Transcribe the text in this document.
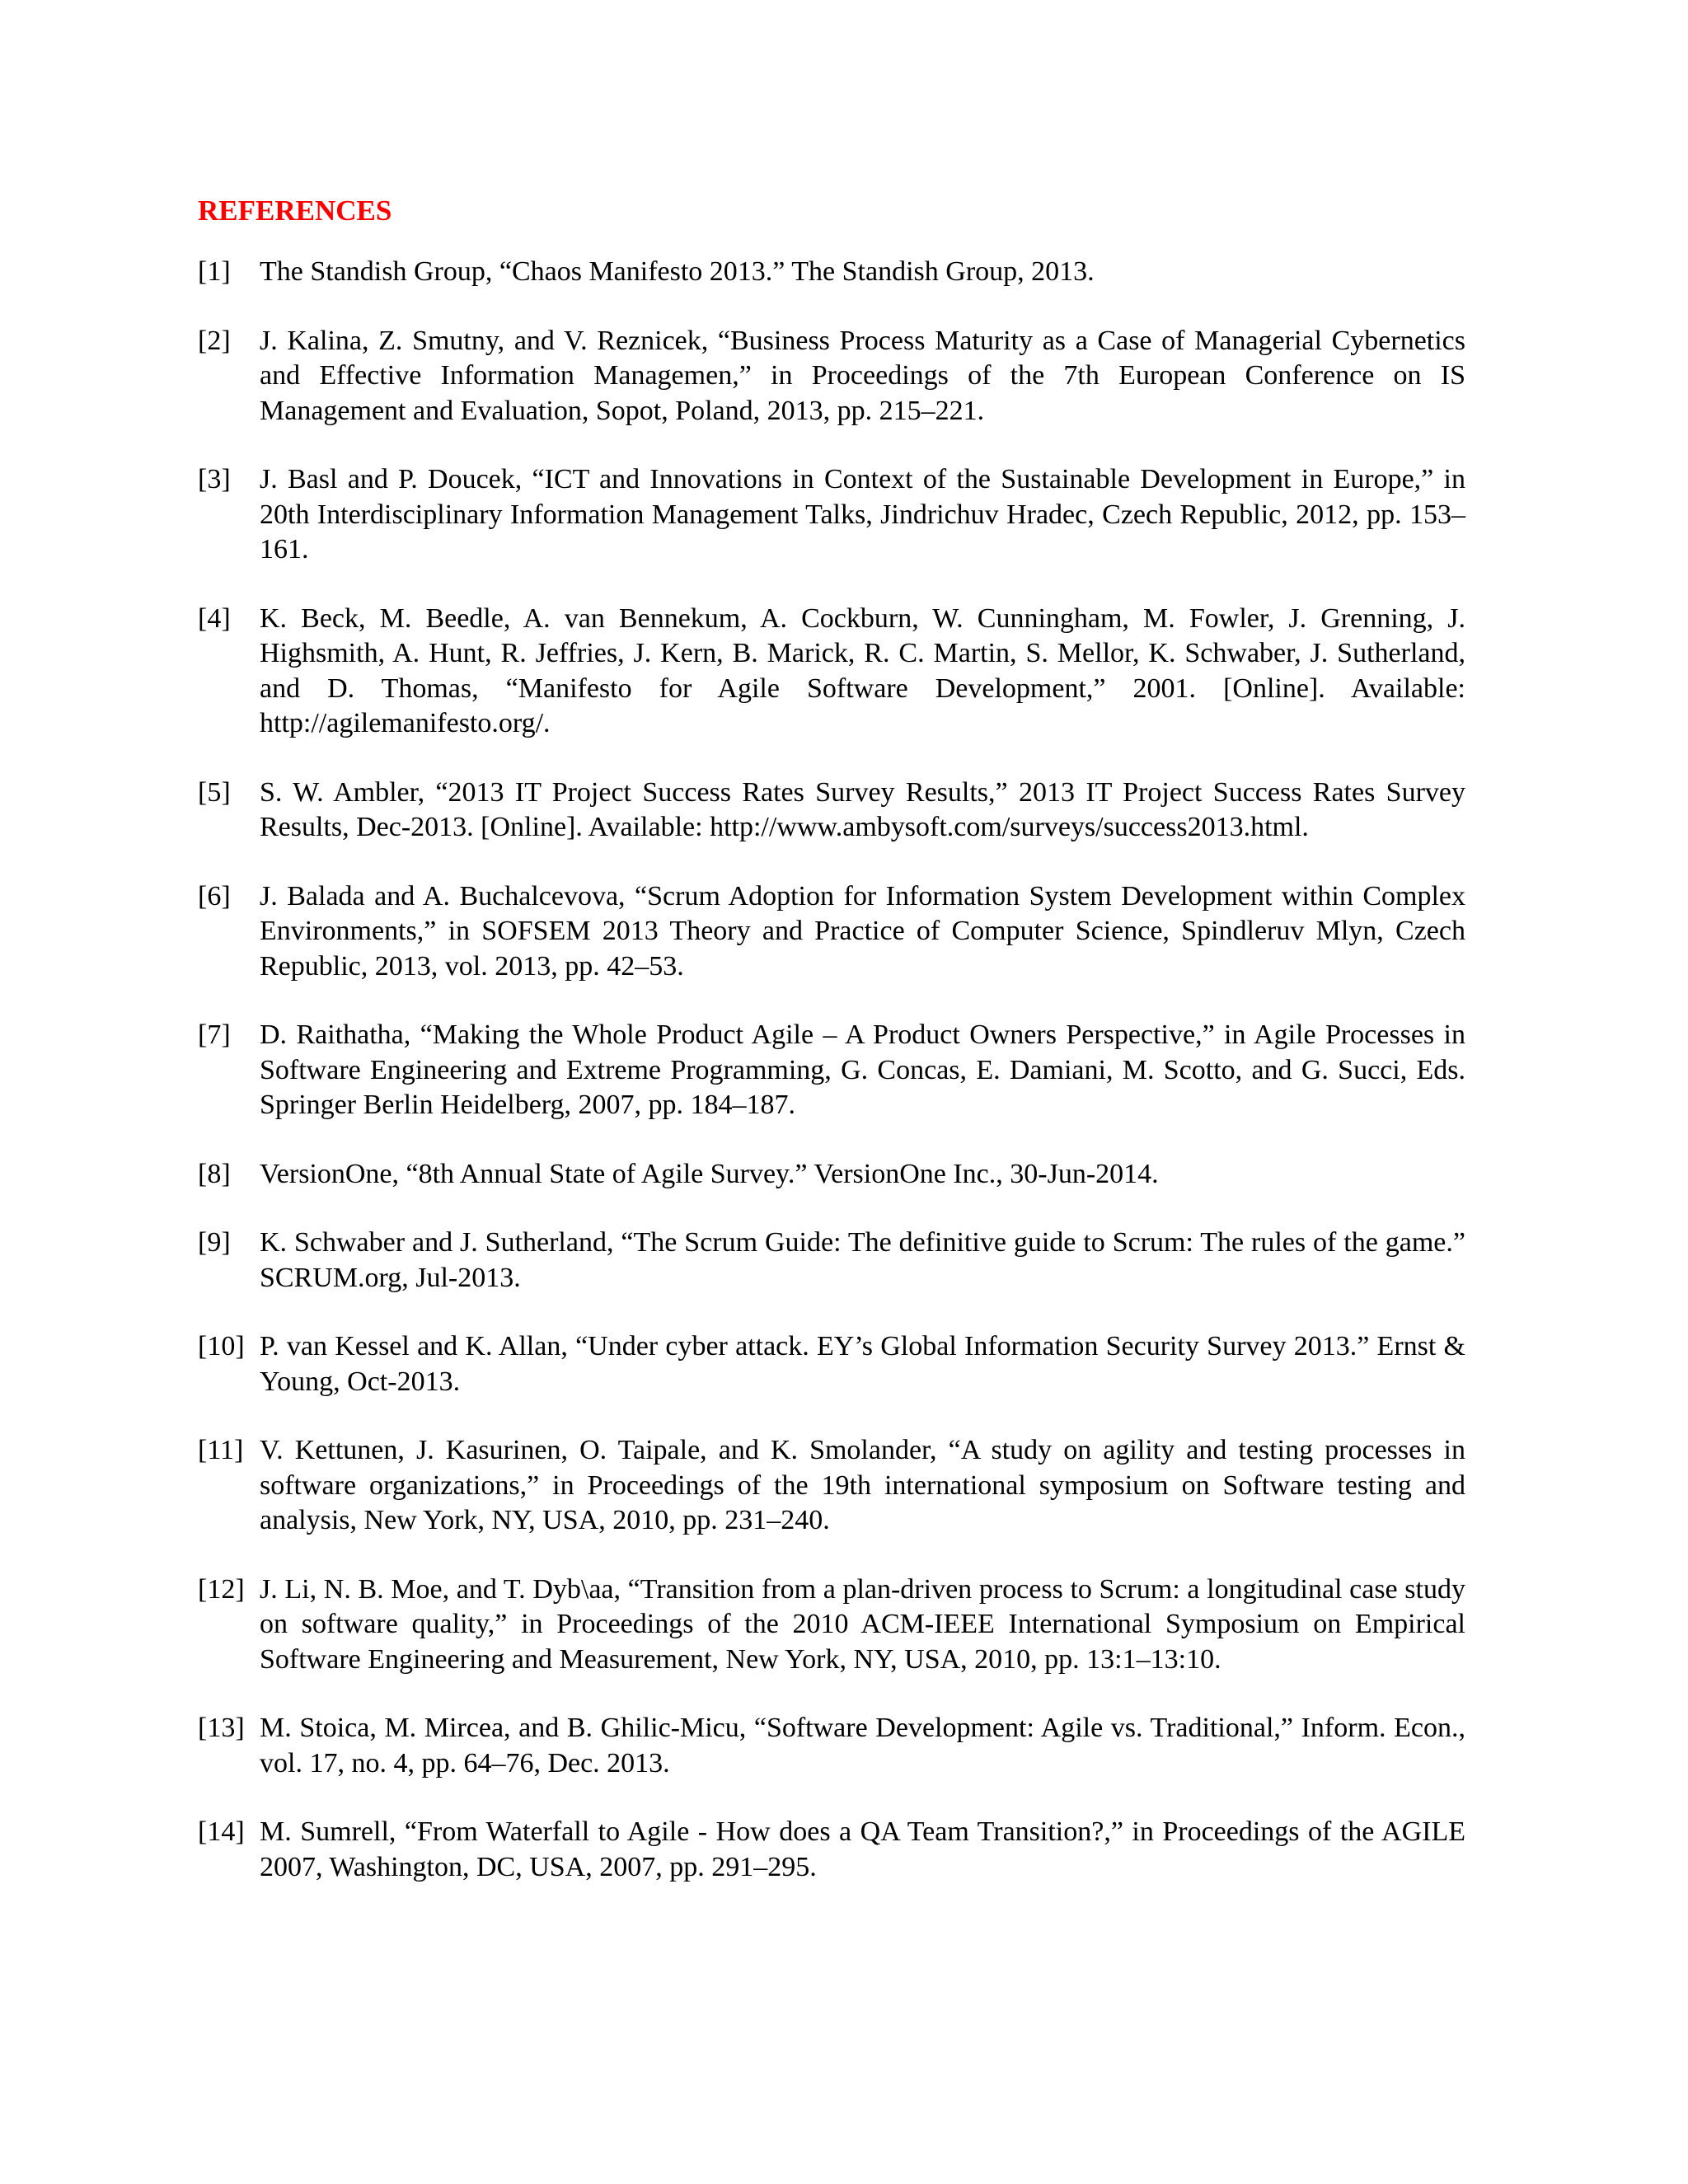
REFERENCES
[1] The Standish Group, “Chaos Manifesto 2013.” The Standish Group, 2013.
[2] J. Kalina, Z. Smutny, and V. Reznicek, “Business Process Maturity as a Case of Managerial Cybernetics and Effective Information Managemen,” in Proceedings of the 7th European Conference on IS Management and Evaluation, Sopot, Poland, 2013, pp. 215–221.
[3] J. Basl and P. Doucek, “ICT and Innovations in Context of the Sustainable Development in Europe,” in 20th Interdisciplinary Information Management Talks, Jindrichuv Hradec, Czech Republic, 2012, pp. 153–161.
[4] K. Beck, M. Beedle, A. van Bennekum, A. Cockburn, W. Cunningham, M. Fowler, J. Grenning, J. Highsmith, A. Hunt, R. Jeffries, J. Kern, B. Marick, R. C. Martin, S. Mellor, K. Schwaber, J. Sutherland, and D. Thomas, “Manifesto for Agile Software Development,” 2001. [Online]. Available: http://agilemanifesto.org/.
[5] S. W. Ambler, “2013 IT Project Success Rates Survey Results,” 2013 IT Project Success Rates Survey Results, Dec-2013. [Online]. Available: http://www.ambysoft.com/surveys/success2013.html.
[6] J. Balada and A. Buchalcevova, “Scrum Adoption for Information System Development within Complex Environments,” in SOFSEM 2013 Theory and Practice of Computer Science, Spindleruv Mlyn, Czech Republic, 2013, vol. 2013, pp. 42–53.
[7] D. Raithatha, “Making the Whole Product Agile – A Product Owners Perspective,” in Agile Processes in Software Engineering and Extreme Programming, G. Concas, E. Damiani, M. Scotto, and G. Succi, Eds. Springer Berlin Heidelberg, 2007, pp. 184–187.
[8] VersionOne, “8th Annual State of Agile Survey.” VersionOne Inc., 30-Jun-2014.
[9] K. Schwaber and J. Sutherland, “The Scrum Guide: The definitive guide to Scrum: The rules of the game.” SCRUM.org, Jul-2013.
[10] P. van Kessel and K. Allan, “Under cyber attack. EY’s Global Information Security Survey 2013.” Ernst & Young, Oct-2013.
[11] V. Kettunen, J. Kasurinen, O. Taipale, and K. Smolander, “A study on agility and testing processes in software organizations,” in Proceedings of the 19th international symposium on Software testing and analysis, New York, NY, USA, 2010, pp. 231–240.
[12] J. Li, N. B. Moe, and T. Dyb\aa, “Transition from a plan-driven process to Scrum: a longitudinal case study on software quality,” in Proceedings of the 2010 ACM-IEEE International Symposium on Empirical Software Engineering and Measurement, New York, NY, USA, 2010, pp. 13:1–13:10.
[13] M. Stoica, M. Mircea, and B. Ghilic-Micu, “Software Development: Agile vs. Traditional,” Inform. Econ., vol. 17, no. 4, pp. 64–76, Dec. 2013.
[14] M. Sumrell, “From Waterfall to Agile - How does a QA Team Transition?,” in Proceedings of the AGILE 2007, Washington, DC, USA, 2007, pp. 291–295.
